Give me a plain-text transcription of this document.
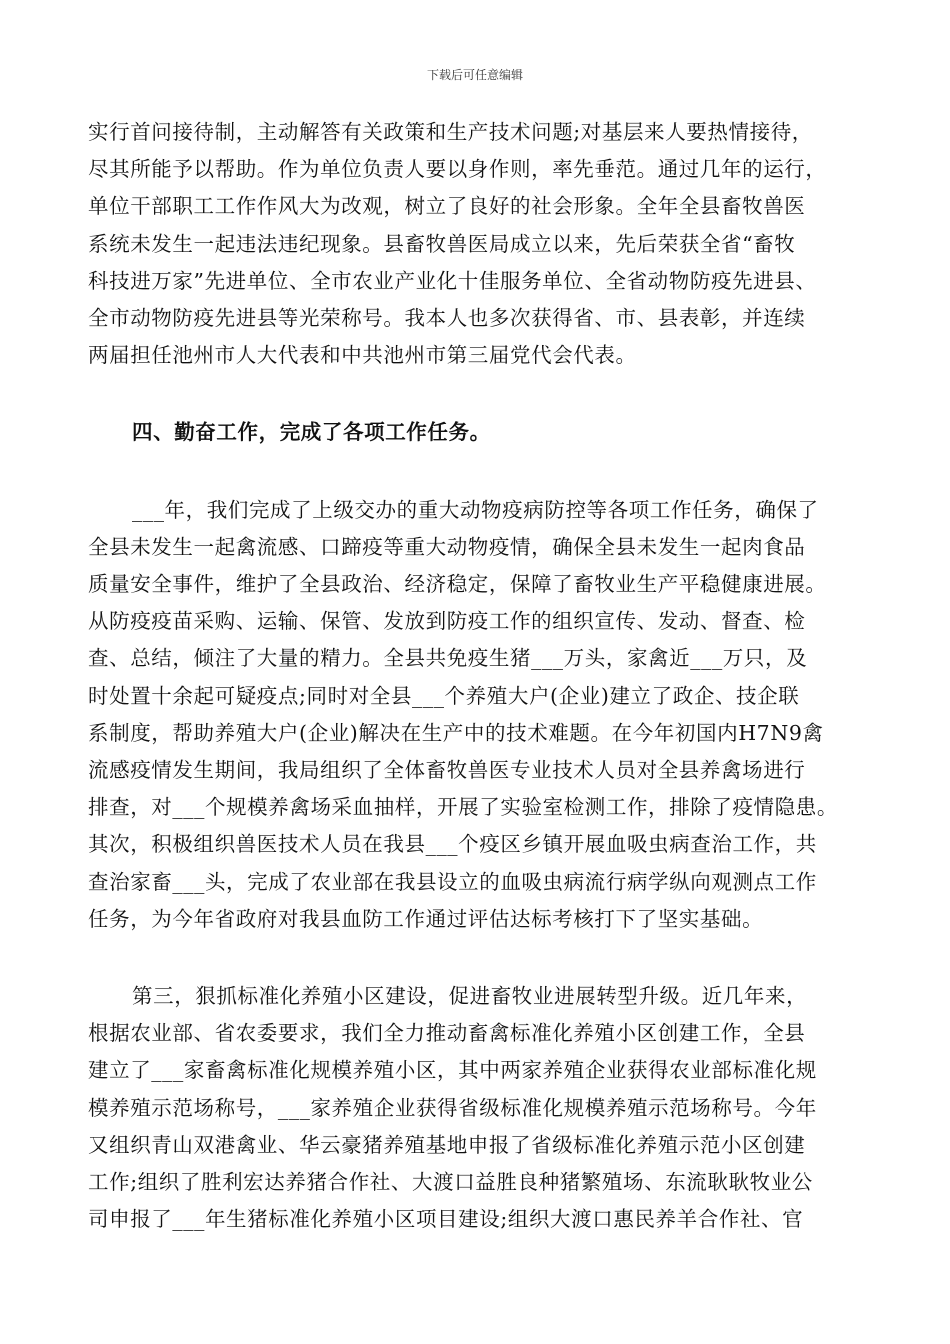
下载后可任意编辑
实行首问接待制，主动解答有关政策和生产技术问题;对基层来人要热情接待，
尽其所能予以帮助。作为单位负责人要以身作则，率先垂范。通过几年的运行，
单位干部职工工作作风大为改观，树立了良好的社会形象。全年全县畜牧兽医
系统未发生一起违法违纪现象。县畜牧兽医局成立以来，先后荣获全省“畜牧
科技进万家”先进单位、全市农业产业化十佳服务单位、全省动物防疫先进县、
全市动物防疫先进县等光荣称号。我本人也多次获得省、市、县表彰，并连续
两届担任池州市人大代表和中共池州市第三届党代会代表。

四、勤奋工作，完成了各项工作任务。

___年，我们完成了上级交办的重大动物疫病防控等各项工作任务，确保了
全县未发生一起禽流感、口蹄疫等重大动物疫情，确保全县未发生一起肉食品
质量安全事件，维护了全县政治、经济稳定，保障了畜牧业生产平稳健康进展。
从防疫疫苗采购、运输、保管、发放到防疫工作的组织宣传、发动、督查、检
查、总结，倾注了大量的精力。全县共免疫生猪___万头，家禽近___万只，及
时处置十余起可疑疫点;同时对全县___个养殖大户(企业)建立了政企、技企联
系制度，帮助养殖大户(企业)解决在生产中的技术难题。在今年初国内H7N9禽
流感疫情发生期间，我局组织了全体畜牧兽医专业技术人员对全县养禽场进行
排查，对___个规模养禽场采血抽样，开展了实验室检测工作，排除了疫情隐患。
其次，积极组织兽医技术人员在我县___个疫区乡镇开展血吸虫病查治工作，共
查治家畜___头，完成了农业部在我县设立的血吸虫病流行病学纵向观测点工作
任务，为今年省政府对我县血防工作通过评估达标考核打下了坚实基础。
第三，狠抓标准化养殖小区建设，促进畜牧业进展转型升级。近几年来，
根据农业部、省农委要求，我们全力推动畜禽标准化养殖小区创建工作，全县
建立了___家畜禽标准化规模养殖小区，其中两家养殖企业获得农业部标准化规
模养殖示范场称号，___家养殖企业获得省级标准化规模养殖示范场称号。今年
又组织青山双港禽业、华云豪猪养殖基地申报了省级标准化养殖示范小区创建
工作;组织了胜利宏达养猪合作社、大渡口益胜良种猪繁殖场、东流耿耿牧业公
司申报了___年生猪标准化养殖小区项目建设;组织大渡口惠民养羊合作社、官
